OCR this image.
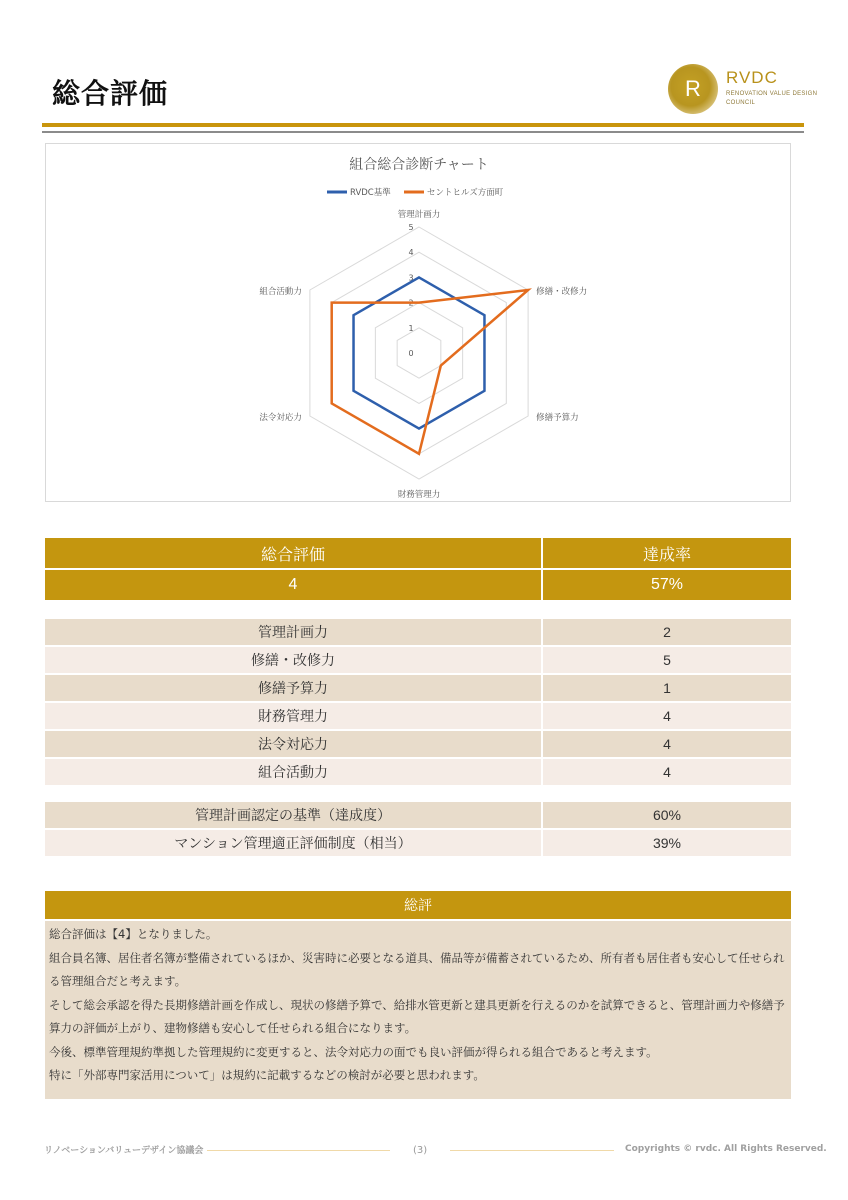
総合評価	R	RVDC
RENOVATION VALUE DESIGN
COUNCIL
組合総合診断チャート
RVDC基準	セントヒルズ方面町
0
1
2
3
4
5
管理計画力
修繕・改修力
修繕予算力
財務管理力
法令対応力
組合活動力
総合評価	達成率
4	57%
管理計画力	2
修繕・改修力	5
修繕予算力	1
財務管理力	4
法令対応力	4
組合活動力	4
管理計画認定の基準（達成度）	60%
マンション管理適正評価制度（相当）	39%
総評

総合評価は【4】となりました。

組合員名簿、居住者名簿が整備されているほか、災害時に必要となる道具、備品等が備蓄されているため、所有者も居住者も安心して任せられる管理組合だと考えます。

そして総会承認を得た長期修繕計画を作成し、現状の修繕予算で、給排水管更新と建具更新を行えるのかを試算できると、管理計画力や修繕予算力の評価が上がり、建物修繕も安心して任せられる組合になります。

今後、標準管理規約準拠した管理規約に変更すると、法令対応力の面でも良い評価が得られる組合であると考えます。

特に「外部専門家活用について」は規約に記載するなどの検討が必要と思われます。

リノベーションバリューデザイン協議会	(3)	Copyrights © rvdc. All Rights Reserved.
